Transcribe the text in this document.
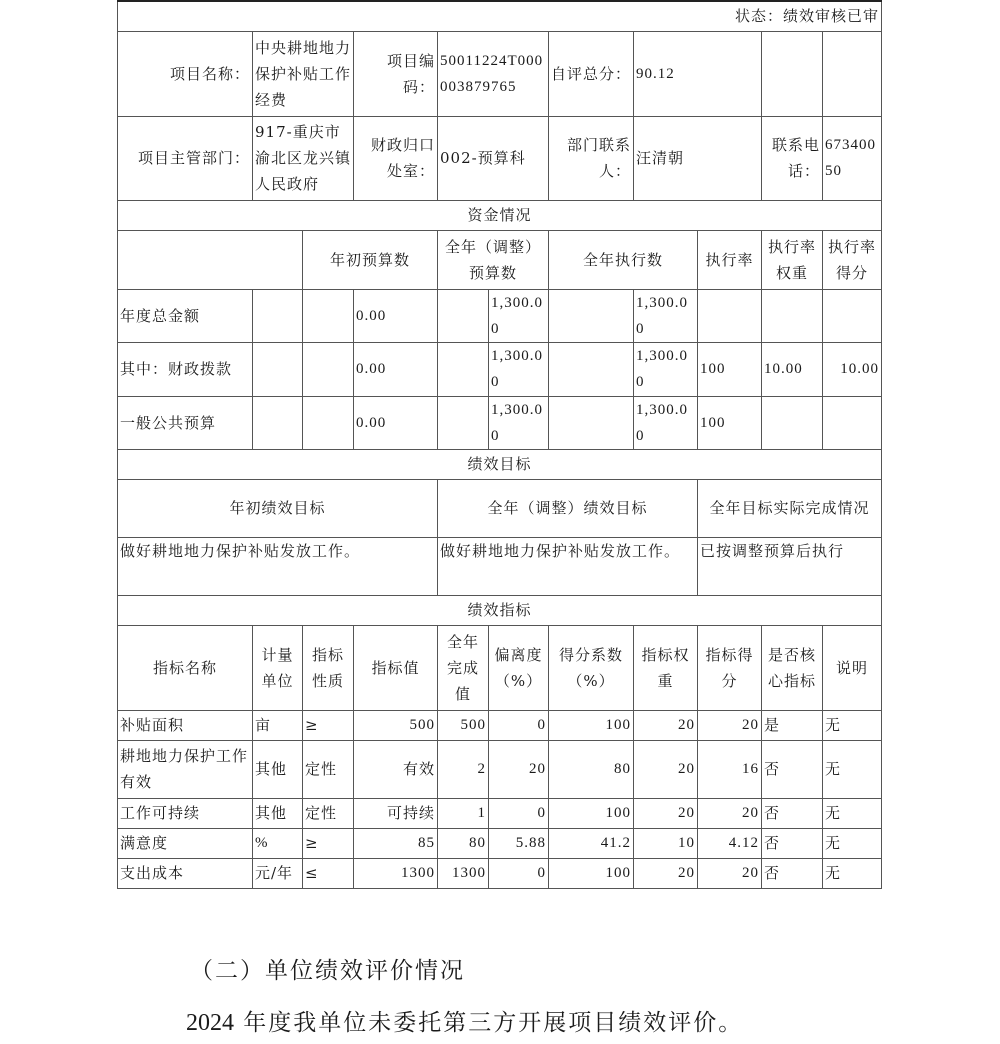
状态：绩效审核已审										
项目名称：	中央耕地地力保护补贴工作经费		项目编码：	50011224T000003879765		自评总分：	90.12			
项目主管部门：	917-重庆市渝北区龙兴镇人民政府		财政归口处室：	002-预算科		部门联系人：	汪清朝		联系电话：	67340050
资金情况										
		年初预算数		全年（调整）预算数		全年执行数		执行率	执行率权重	执行率得分
年度总金额			0.00		1,300.00		1,300.00			
其中：财政拨款			0.00		1,300.00		1,300.00	100	10.00	10.00
一般公共预算			0.00		1,300.00		1,300.00	100		
绩效目标										
年初绩效目标				全年（调整）绩效目标				全年目标实际完成情况		
做好耕地地力保护补贴发放工作。				做好耕地地力保护补贴发放工作。				已按调整预算后执行		
绩效指标										
指标名称	计量单位	指标性质	指标值	全年完成值	偏离度（%）	得分系数（%）	指标权重	指标得分	是否核心指标	说明
补贴面积	亩	≥	500	500	0	100	20	20	是	无
耕地地力保护工作有效	其他	定性	有效	2	20	80	20	16	否	无
工作可持续	其他	定性	可持续	1	0	100	20	20	否	无
满意度	%	≥	85	80	5.88	41.2	10	4.12	否	无
支出成本	元/年	≤	1300	1300	0	100	20	20	否	无
（二）单位绩效评价情况
2024 年度我单位未委托第三方开展项目绩效评价。
